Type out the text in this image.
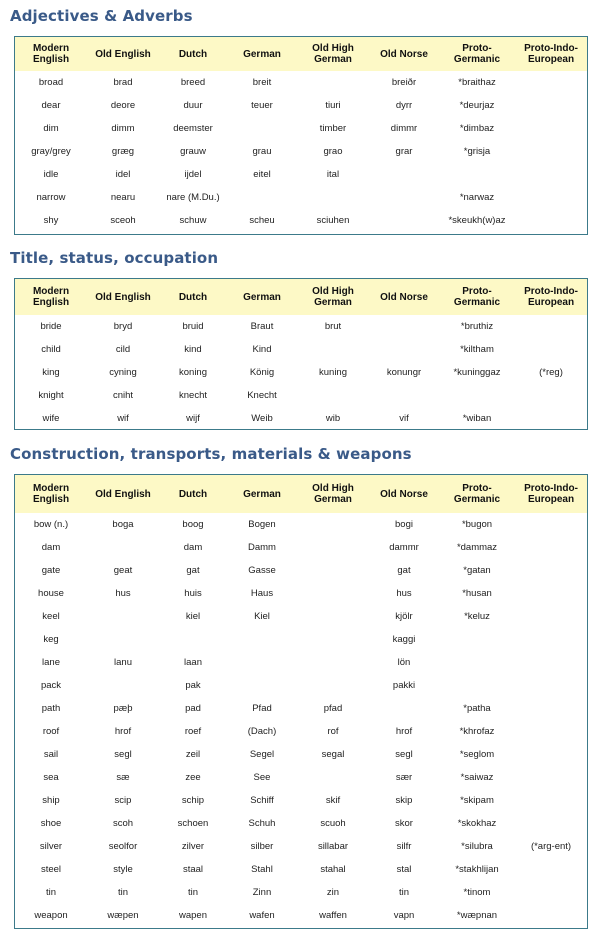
Adjectives & Adverbs
Modern English	Old English	Dutch	German	Old High German	Old Norse	Proto-Germanic	Proto-Indo-European
broad	brad	breed	breit		breiðr	*braithaz	
dear	deore	duur	teuer	tiuri	dyrr	*deurjaz	
dim	dimm	deemster		timber	dimmr	*dimbaz	
gray/grey	græg	grauw	grau	grao	grar	*grisja	
idle	idel	ijdel	eitel	ital			
narrow	nearu	nare (M.Du.)				*narwaz	
shy	sceoh	schuw	scheu	sciuhen		*skeukh(w)az	
Title, status, occupation
Modern English	Old English	Dutch	German	Old High German	Old Norse	Proto-Germanic	Proto-Indo-European
bride	bryd	bruid	Braut	brut		*bruthiz	
child	cild	kind	Kind			*kiltham	
king	cyning	koning	König	kuning	konungr	*kuninggaz	(*reg)
knight	cniht	knecht	Knecht				
wife	wif	wijf	Weib	wib	vif	*wiban	
Construction, transports, materials & weapons
Modern English	Old English	Dutch	German	Old High German	Old Norse	Proto-Germanic	Proto-Indo-European
bow (n.)	boga	boog	Bogen		bogi	*bugon	
dam		dam	Damm		dammr	*dammaz	
gate	geat	gat	Gasse		gat	*gatan	
house	hus	huis	Haus		hus	*husan	
keel		kiel	Kiel		kjölr	*keluz	
keg					kaggi		
lane	lanu	laan			lön		
pack		pak			pakki		
path	pæþ	pad	Pfad	pfad		*patha	
roof	hrof	roef	(Dach)	rof	hrof	*khrofaz	
sail	segl	zeil	Segel	segal	segl	*seglom	
sea	sæ	zee	See		sær	*saiwaz	
ship	scip	schip	Schiff	skif	skip	*skipam	
shoe	scoh	schoen	Schuh	scuoh	skor	*skokhaz	
silver	seolfor	zilver	silber	sillabar	silfr	*silubra	(*arg-ent)
steel	style	staal	Stahl	stahal	stal	*stakhlijan	
tin	tin	tin	Zinn	zin	tin	*tinom	
weapon	wæpen	wapen	wafen	waffen	vapn	*wæpnan	
